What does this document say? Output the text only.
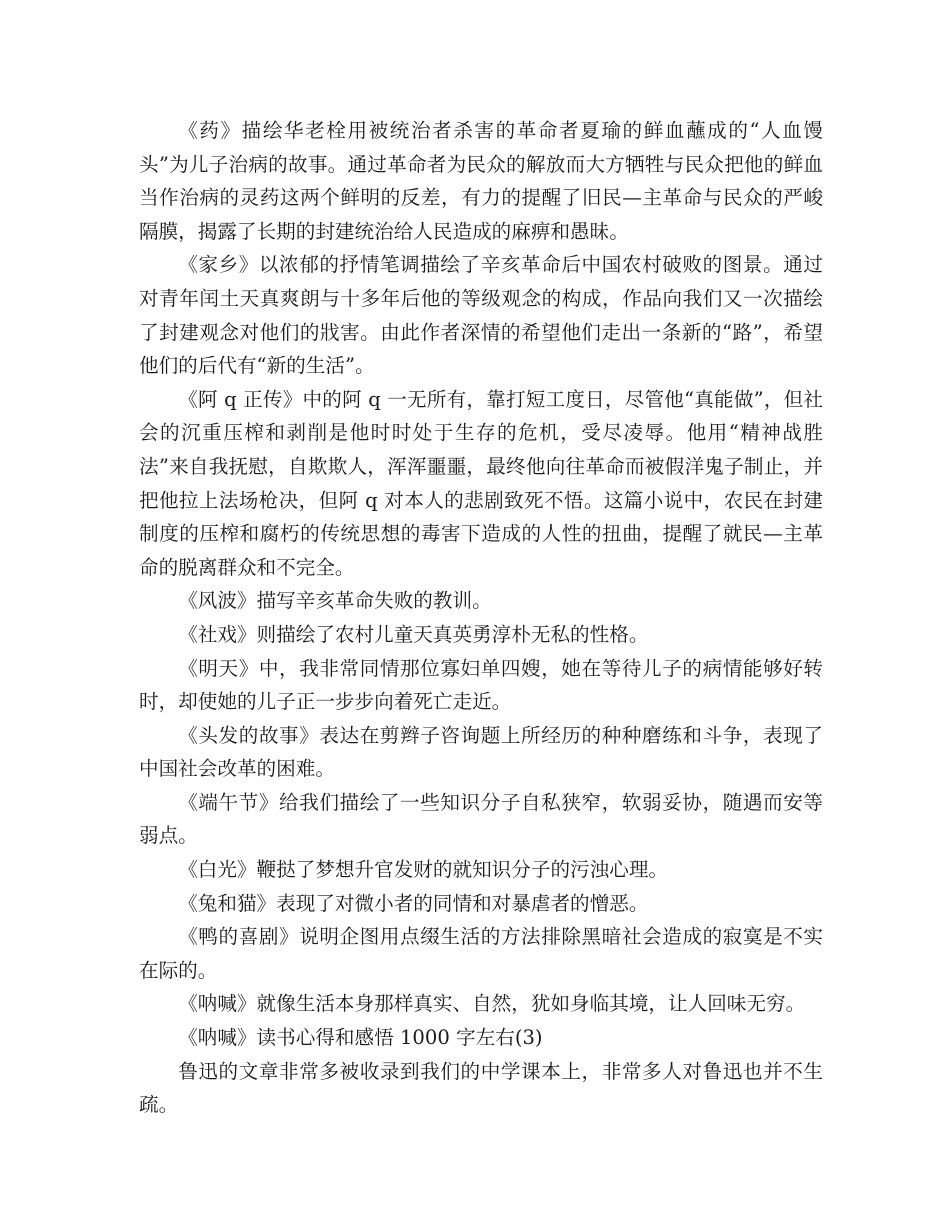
《药》描绘华老栓用被统治者杀害的革命者夏瑜的鲜血蘸成的“人血馒头”为儿子治病的故事。通过革命者为民众的解放而大方牺牲与民众把他的鲜血当作治病的灵药这两个鲜明的反差，有力的提醒了旧民—主革命与民众的严峻隔膜，揭露了长期的封建统治给人民造成的麻痹和愚昧。

《家乡》以浓郁的抒情笔调描绘了辛亥革命后中国农村破败的图景。通过对青年闰土天真爽朗与十多年后他的等级观念的构成，作品向我们又一次描绘了封建观念对他们的戕害。由此作者深情的希望他们走出一条新的“路”，希望他们的后代有“新的生活”。

《阿 q 正传》中的阿 q 一无所有，靠打短工度日，尽管他“真能做”，但社会的沉重压榨和剥削是他时时处于生存的危机，受尽凌辱。他用“精神战胜法”来自我抚慰，自欺欺人，浑浑噩噩，最终他向往革命而被假洋鬼子制止，并把他拉上法场枪决，但阿 q 对本人的悲剧致死不悟。这篇小说中，农民在封建制度的压榨和腐朽的传统思想的毒害下造成的人性的扭曲，提醒了就民—主革命的脱离群众和不完全。

《风波》描写辛亥革命失败的教训。

《社戏》则描绘了农村儿童天真英勇淳朴无私的性格。

《明天》中，我非常同情那位寡妇单四嫂，她在等待儿子的病情能够好转时，却使她的儿子正一步步向着死亡走近。

《头发的故事》表达在剪辫子咨询题上所经历的种种磨练和斗争，表现了中国社会改革的困难。

《端午节》给我们描绘了一些知识分子自私狭窄，软弱妥协，随遇而安等弱点。

《白光》鞭挞了梦想升官发财的就知识分子的污浊心理。

《兔和猫》表现了对微小者的同情和对暴虐者的憎恶。

《鸭的喜剧》说明企图用点缀生活的方法排除黑暗社会造成的寂寞是不实在际的。

《呐喊》就像生活本身那样真实、自然，犹如身临其境，让人回味无穷。

《呐喊》读书心得和感悟 1000 字左右(3)

鲁迅的文章非常多被收录到我们的中学课本上，非常多人对鲁迅也并不生疏。
